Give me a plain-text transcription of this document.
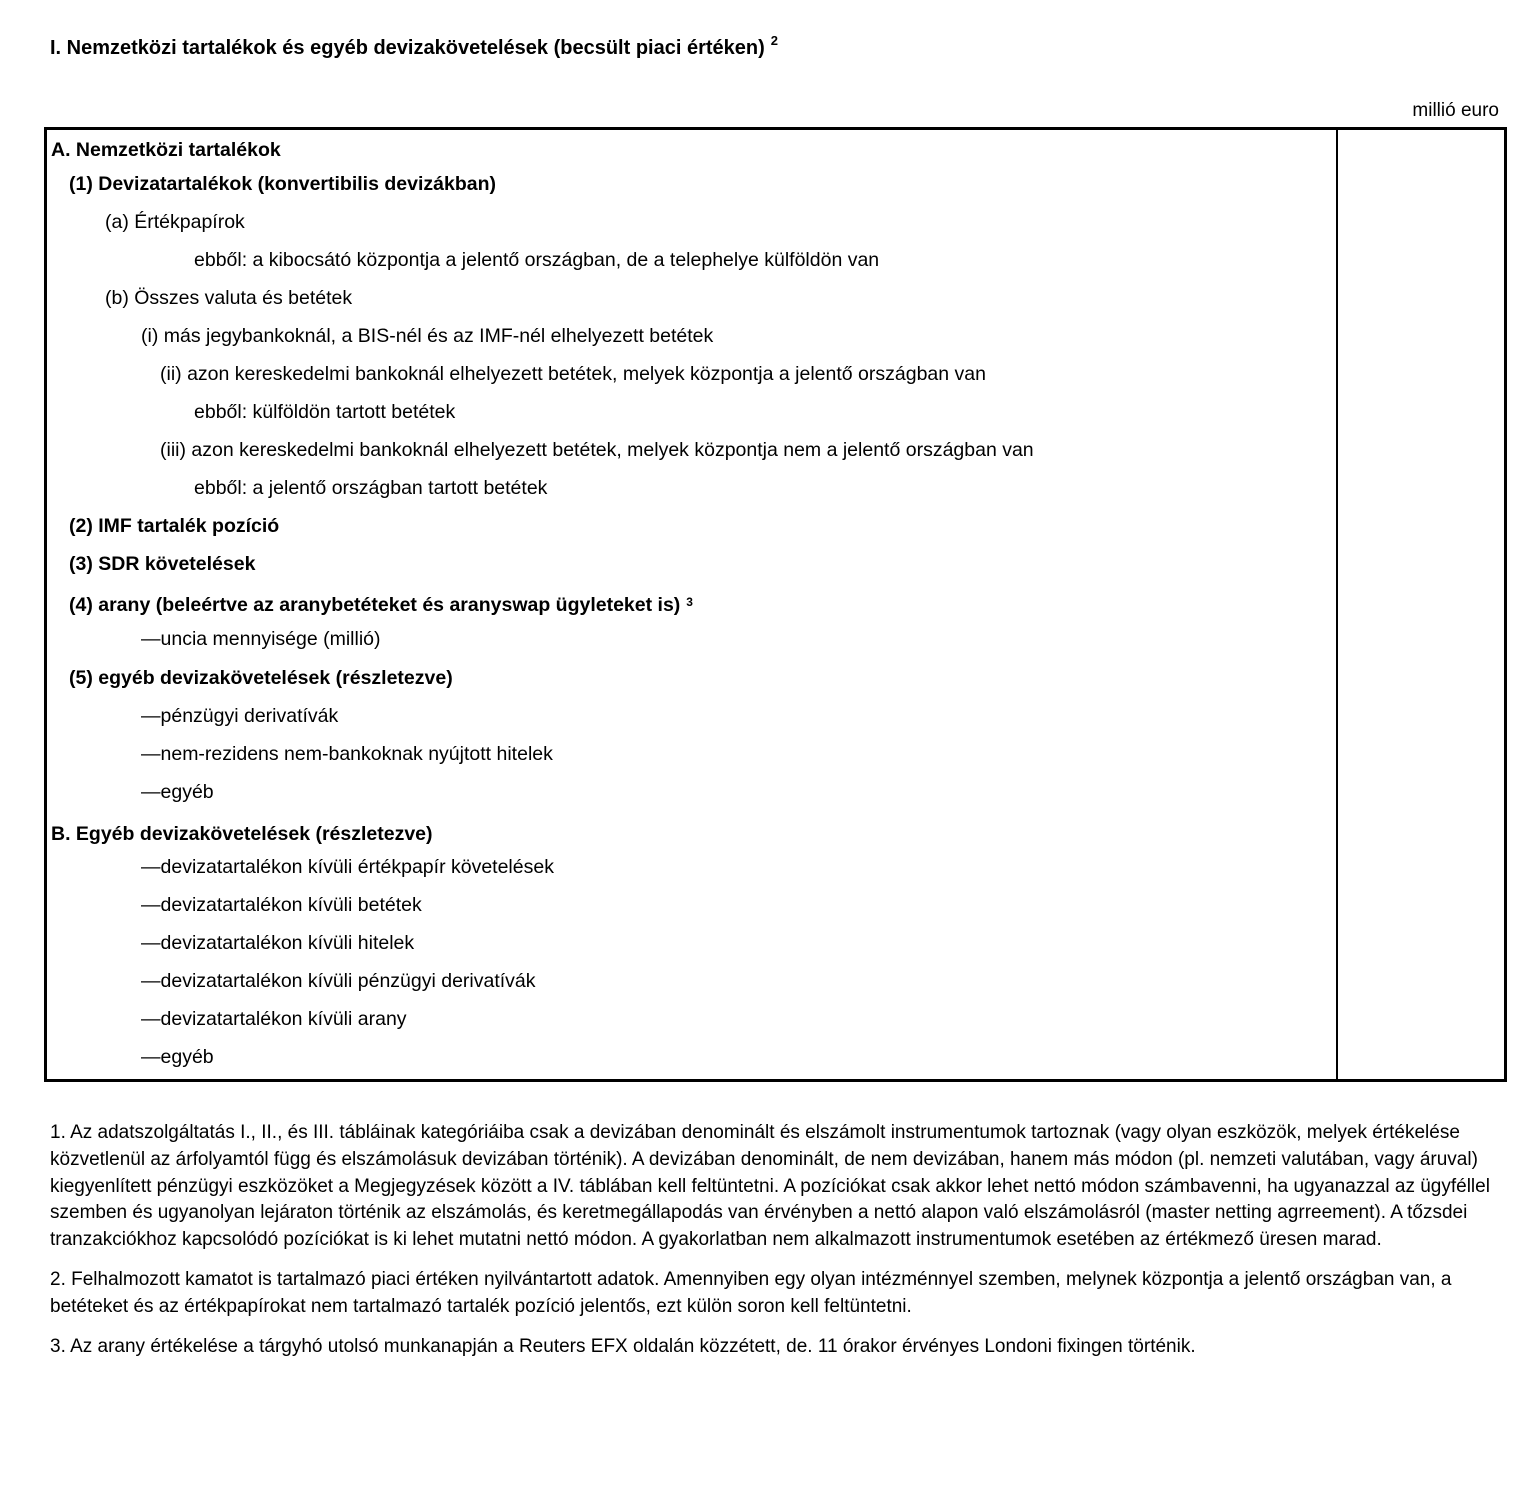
I. Nemzetközi tartalékok és egyéb devizakövetelések (becsült piaci értéken) $^2$
millió euro
A. Nemzetközi tartalékok
(1) Devizatartalékok (konvertibilis devizákban)
(a) Értékpapírok
ebből: a kibocsátó központja a jelentő országban, de a telephelye külföldön van
(b) Összes valuta és betétek
(i) más jegybankoknál, a BIS-nél és az IMF-nél elhelyezett betétek
(ii) azon kereskedelmi bankoknál elhelyezett betétek, melyek központja a jelentő országban van
ebből: külföldön tartott betétek
(iii) azon kereskedelmi bankoknál elhelyezett betétek, melyek központja nem a jelentő országban van
ebből: a jelentő országban tartott betétek
(2) IMF tartalék pozíció
(3) SDR követelések
(4) arany (beleértve az aranybetéteket és aranyswap ügyleteket is) $^3$
—uncia mennyisége (millió)
(5) egyéb devizakövetelések (részletezve)
—pénzügyi derivatívák
—nem-rezidens nem-bankoknak nyújtott hitelek
—egyéb
B. Egyéb devizakövetelések (részletezve)
—devizatartalékon kívüli értékpapír követelések
—devizatartalékon kívüli betétek
—devizatartalékon kívüli hitelek
—devizatartalékon kívüli pénzügyi derivatívák
—devizatartalékon kívüli arany
—egyéb

1. Az adatszolgáltatás I., II., és III. tábláinak kategóriáiba csak a devizában denominált és elszámolt instrumentumok tartoznak (vagy olyan eszközök, melyek értékelése közvetlenül az árfolyamtól függ és elszámolásuk devizában történik). A devizában denominált, de nem devizában, hanem más módon (pl. nemzeti valutában, vagy áruval) kiegyenlített pénzügyi eszközöket a Megjegyzések között a IV. táblában kell feltüntetni. A pozíciókat csak akkor lehet nettó módon számbavenni, ha ugyanazzal az ügyféllel szemben és ugyanolyan lejáraton történik az elszámolás, és keretmegállapodás van érvényben a nettó alapon való elszámolásról (master netting agrreement). A tőzsdei tranzakciókhoz kapcsolódó pozíciókat is ki lehet mutatni nettó módon. A gyakorlatban nem alkalmazott instrumentumok esetében az értékmező üresen marad.

2. Felhalmozott kamatot is tartalmazó piaci értéken nyilvántartott adatok. Amennyiben egy olyan intézménnyel szemben, melynek központja a jelentő országban van, a betéteket és az értékpapírokat nem tartalmazó tartalék pozíció jelentős, ezt külön soron kell feltüntetni.

3. Az arany értékelése a tárgyhó utolsó munkanapján a Reuters EFX oldalán közzétett, de. 11 órakor érvényes Londoni fixingen történik.
